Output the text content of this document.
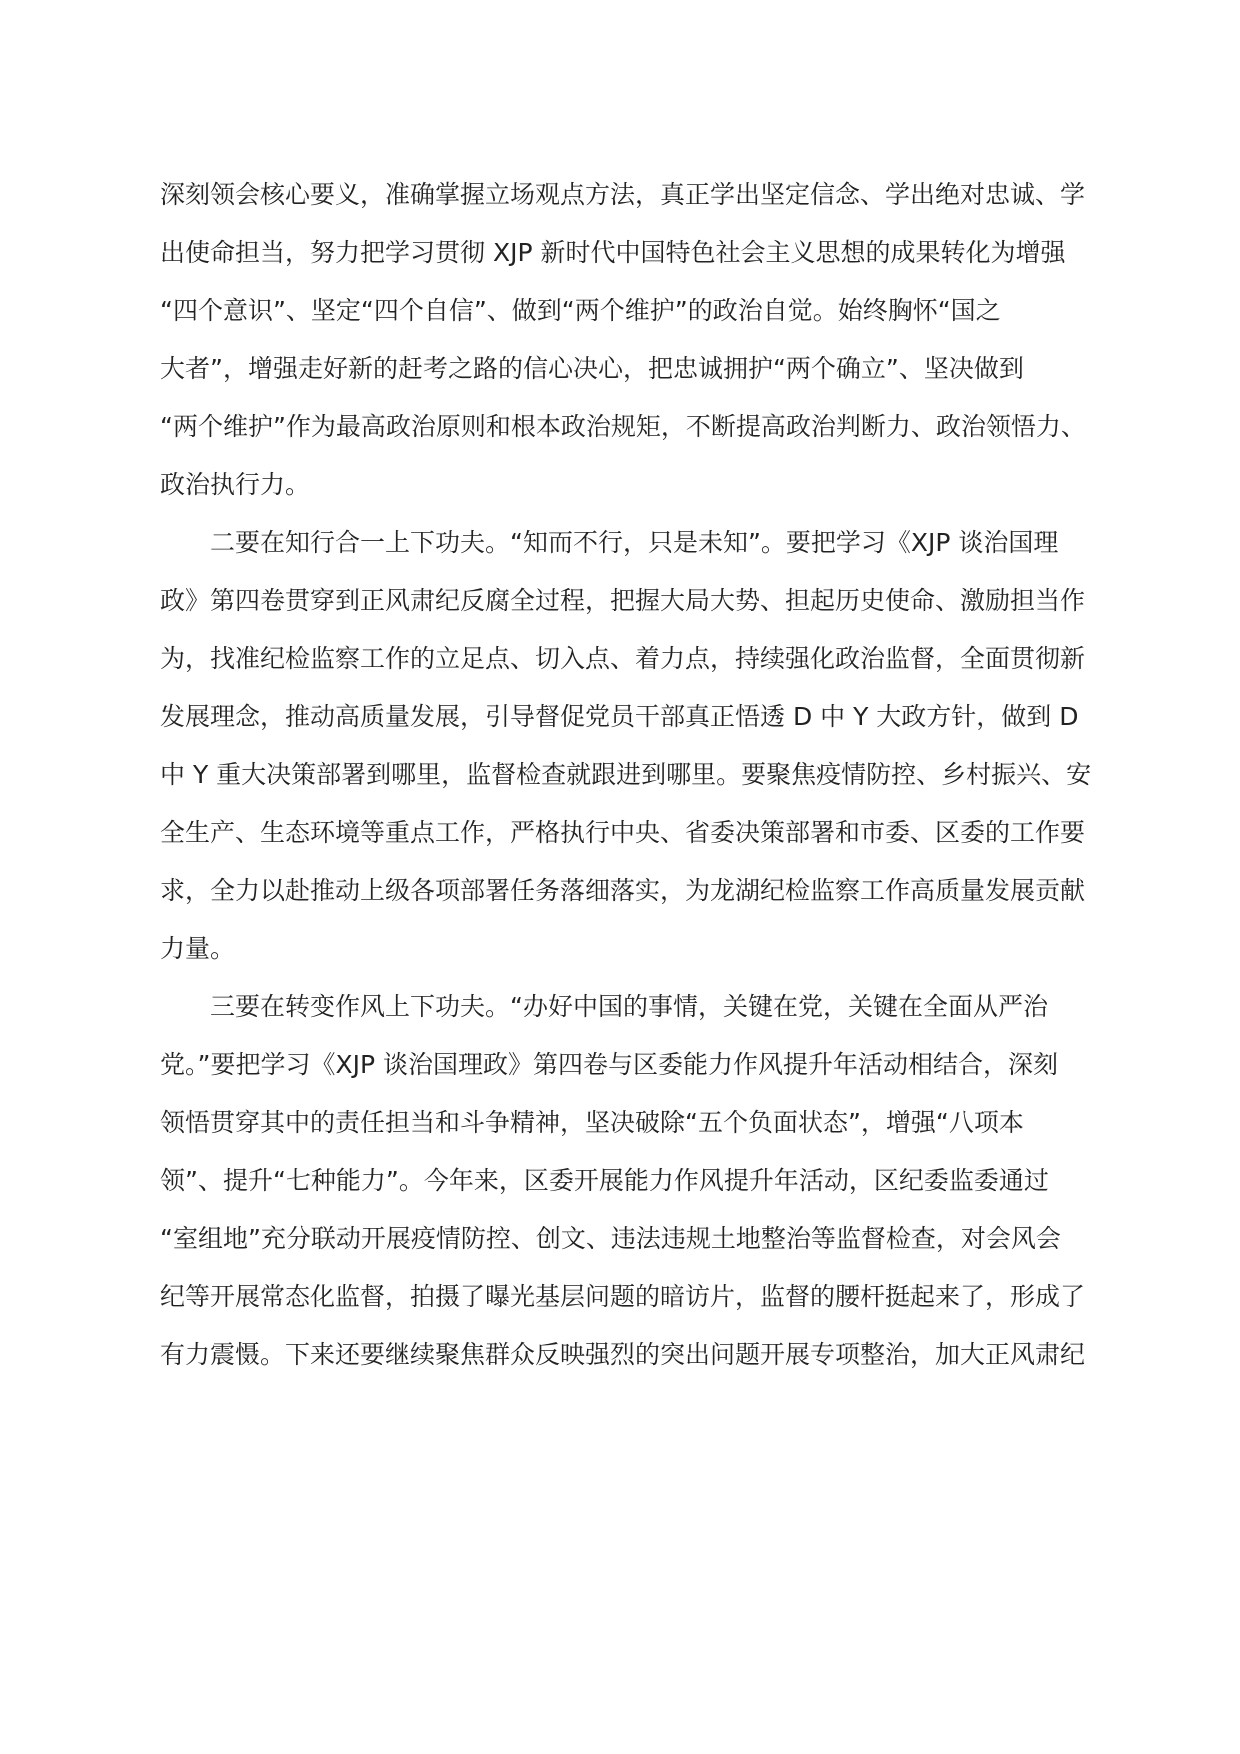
深刻领会核心要义，准确掌握立场观点方法，真正学出坚定信念、学出绝对忠诚、学
出使命担当，努力把学习贯彻 XJP 新时代中国特色社会主义思想的成果转化为增强
“四个意识”、坚定“四个自信”、做到“两个维护”的政治自觉。始终胸怀“国之
大者”，增强走好新的赶考之路的信心决心，把忠诚拥护“两个确立”、坚决做到
“两个维护”作为最高政治原则和根本政治规矩，不断提高政治判断力、政治领悟力、
政治执行力。
二要在知行合一上下功夫。“知而不行，只是未知”。要把学习《XJP 谈治国理
政》第四卷贯穿到正风肃纪反腐全过程，把握大局大势、担起历史使命、激励担当作
为，找准纪检监察工作的立足点、切入点、着力点，持续强化政治监督，全面贯彻新
发展理念，推动高质量发展，引导督促党员干部真正悟透 D 中 Y 大政方针，做到 D
中 Y 重大决策部署到哪里，监督检查就跟进到哪里。要聚焦疫情防控、乡村振兴、安
全生产、生态环境等重点工作，严格执行中央、省委决策部署和市委、区委的工作要
求，全力以赴推动上级各项部署任务落细落实，为龙湖纪检监察工作高质量发展贡献
力量。
三要在转变作风上下功夫。“办好中国的事情，关键在党，关键在全面从严治
党。”要把学习《XJP 谈治国理政》第四卷与区委能力作风提升年活动相结合，深刻
领悟贯穿其中的责任担当和斗争精神，坚决破除“五个负面状态”，增强“八项本
领”、提升“七种能力”。今年来，区委开展能力作风提升年活动，区纪委监委通过
“室组地”充分联动开展疫情防控、创文、违法违规土地整治等监督检查，对会风会
纪等开展常态化监督，拍摄了曝光基层问题的暗访片，监督的腰杆挺起来了，形成了
有力震慑。下来还要继续聚焦群众反映强烈的突出问题开展专项整治，加大正风肃纪
